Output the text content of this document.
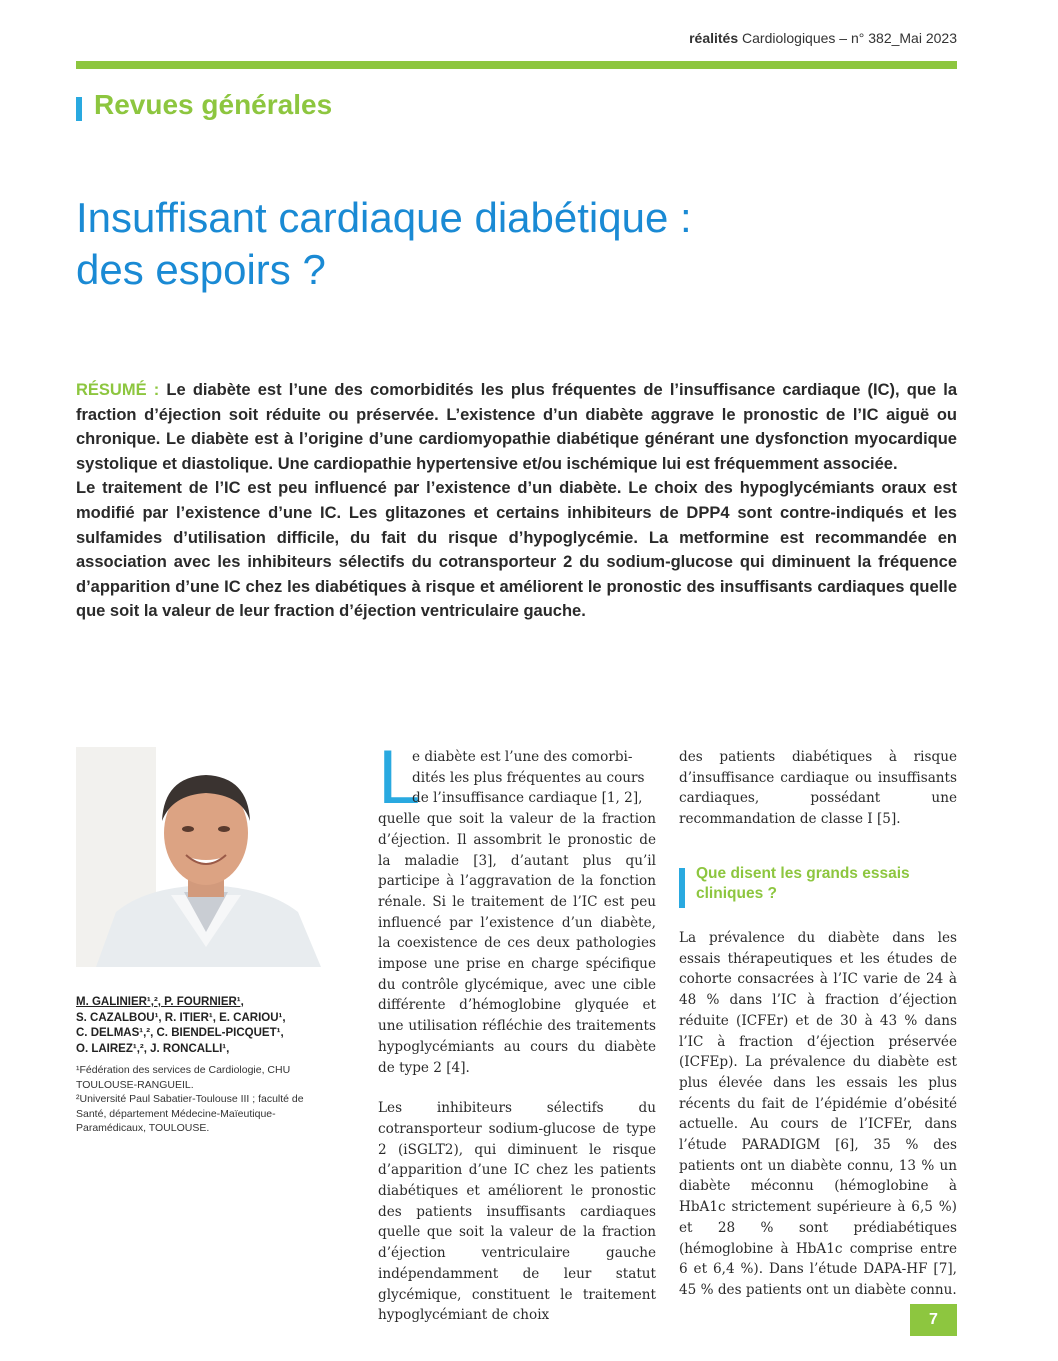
réalités Cardiologiques – n° 382_Mai 2023
Revues générales
Insuffisant cardiaque diabétique :
des espoirs ?

RÉSUMÉ : Le diabète est l’une des comorbidités les plus fréquentes de l’insuffisance cardiaque (IC), que la fraction d’éjection soit réduite ou préservée. L’existence d’un diabète aggrave le pronostic de l’IC aiguë ou chronique. Le diabète est à l’origine d’une cardiomyopathie diabétique générant une dysfonction myocardique systolique et diastolique. Une cardiopathie hypertensive et/ou ischémique lui est fréquemment associée.

Le traitement de l’IC est peu influencé par l’existence d’un diabète. Le choix des hypoglycémiants oraux est modifié par l’existence d’une IC. Les glitazones et certains inhibiteurs de DPP4 sont contre-indiqués et les sulfamides d’utilisation difficile, du fait du risque d’hypoglycémie. La metformine est recommandée en association avec les inhibiteurs sélectifs du cotransporteur 2 du sodium-glucose qui diminuent la fréquence d’apparition d’une IC chez les diabétiques à risque et améliorent le pronostic des insuffisants cardiaques quelle que soit la valeur de leur fraction d’éjection ventriculaire gauche.

M. GALINIER¹,², P. FOURNIER¹,
S. CAZALBOU¹, R. ITIER¹, E. CARIOU¹,
C. DELMAS¹,², C. BIENDEL-PICQUET¹,
O. LAIREZ¹,², J. RONCALLI¹,

¹Fédération des services de Cardiologie, CHU TOULOUSE-RANGUEIL.

²Université Paul Sabatier-Toulouse III ; faculté de Santé, département Médecine-Maïeutique-Paramédicaux, TOULOUSE.

L

e diabète est l’une des comorbi-

dités les plus fréquentes au cours

de l’insuffisance cardiaque [1, 2],

quelle que soit la valeur de la fraction d’éjection. Il assombrit le pronostic de la maladie [3], d’autant plus qu’il participe à l’aggravation de la fonction rénale. Si le traitement de l’IC est peu influencé par l’existence d’un diabète, la coexistence de ces deux pathologies impose une prise en charge spécifique du contrôle glycémique, avec une cible différente d’hémoglobine glyquée et une utilisation réfléchie des traitements hypoglycémiants au cours du diabète de type 2 [4].

Les inhibiteurs sélectifs du cotransporteur sodium-glucose de type 2 (iSGLT2), qui diminuent le risque d’apparition d’une IC chez les patients diabétiques et améliorent le pronostic des patients insuffisants cardiaques quelle que soit la valeur de la fraction d’éjection ventriculaire gauche indépendamment de leur statut glycémique, constituent le traitement hypoglycémiant de choix

des patients diabétiques à risque d’insuffisance cardiaque ou insuffisants cardiaques, possédant une recommandation de classe I [5].

Que disent les grands essais cliniques ?

La prévalence du diabète dans les essais thérapeutiques et les études de cohorte consacrées à l’IC varie de 24 à 48 % dans l’IC à fraction d’éjection réduite (ICFEr) et de 30 à 43 % dans l’IC à fraction d’éjection préservée (ICFEp). La prévalence du diabète est plus élevée dans les essais les plus récents du fait de l’épidémie d’obésité actuelle. Au cours de l’ICFEr, dans l’étude PARADIGM [6], 35 % des patients ont un diabète connu, 13 % un diabète méconnu (hémoglobine à HbA1c strictement supérieure à 6,5 %) et 28 % sont prédiabétiques (hémoglobine à HbA1c comprise entre 6 et 6,4 %). Dans l’étude DAPA-HF [7], 45 % des patients ont un diabète connu.

7
